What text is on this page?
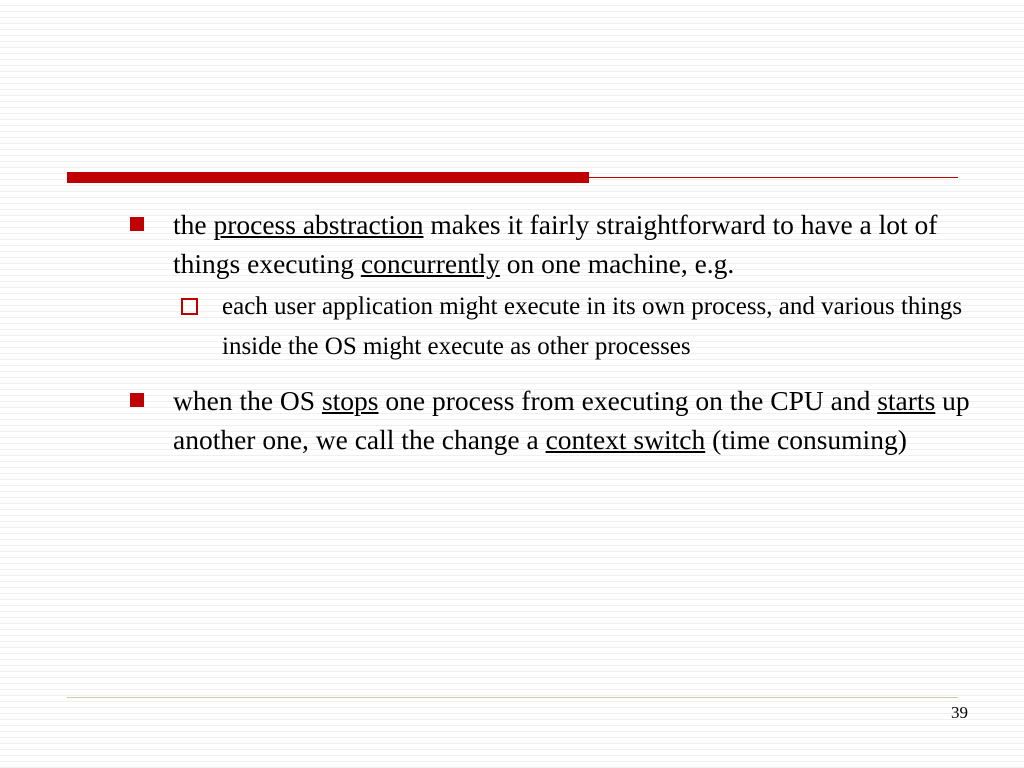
the process abstraction makes it fairly straightforward to have a lot of things executing concurrently on one machine, e.g.
each user application might execute in its own process, and various things inside the OS might execute as other processes
when the OS stops one process from executing on the CPU and starts up another one, we call the change a context switch (time consuming)
39
